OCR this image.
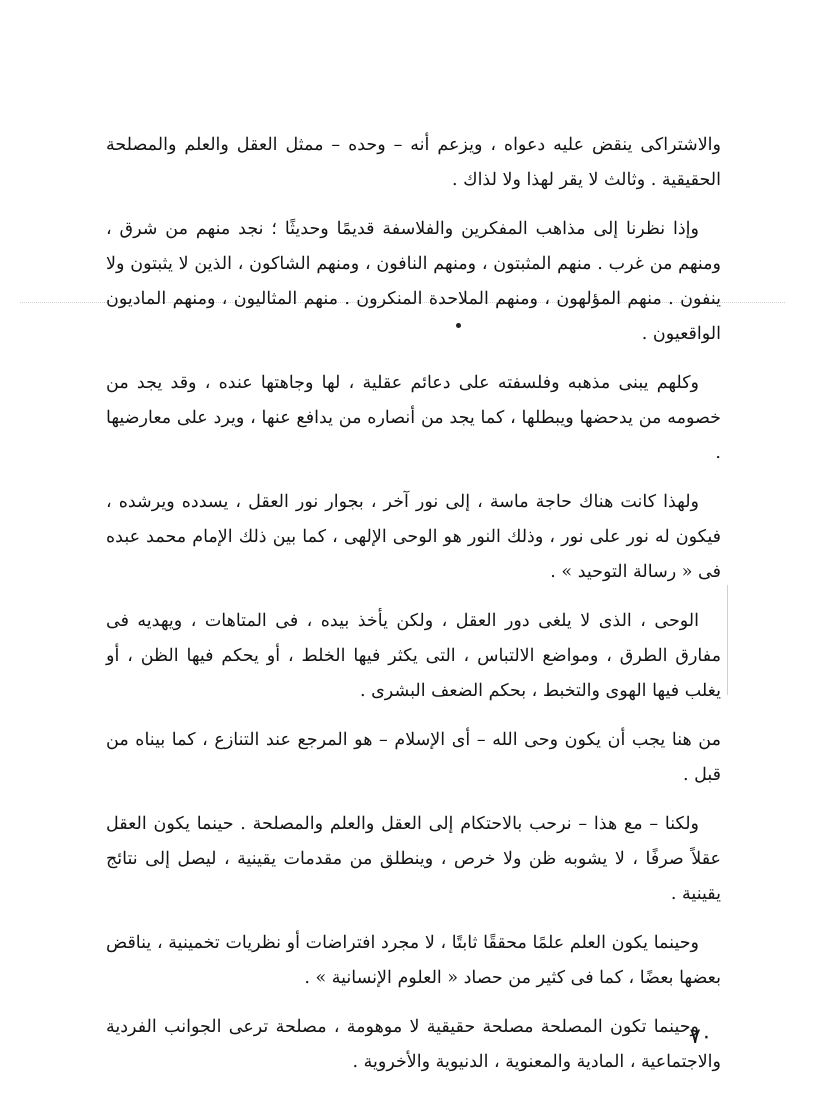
والاشتراكى ينقض عليه دعواه ، ويزعم أنه – وحده – ممثل العقل والعلم والمصلحة الحقيقية . وثالث لا يقر لهذا ولا لذاك .

وإذا نظرنا إلى مذاهب المفكرين والفلاسفة قديمًا وحديثًا ؛ نجد منهم من شرق ، ومنهم من غرب . منهم المثبتون ، ومنهم النافون ، ومنهم الشاكون ، الذين لا يثبتون ولا ينفون . منهم المؤلهون ، ومنهم الملاحدة المنكرون . منهم المثاليون ، ومنهم الماديون الواقعيون .

وكلهم يبنى مذهبه وفلسفته على دعائم عقلية ، لها وجاهتها عنده ، وقد يجد من خصومه من يدحضها ويبطلها ، كما يجد من أنصاره من يدافع عنها ، ويرد على معارضيها .

ولهذا كانت هناك حاجة ماسة ، إلى نور آخر ، بجوار نور العقل ، يسدده ويرشده ، فيكون له نور على نور ، وذلك النور هو الوحى الإلهى ، كما بين ذلك الإمام محمد عبده فى « رسالة التوحيد » .

الوحى ، الذى لا يلغى دور العقل ، ولكن يأخذ بيده ، فى المتاهات ، ويهديه فى مفارق الطرق ، ومواضع الالتباس ، التى يكثر فيها الخلط ، أو يحكم فيها الظن ، أو يغلب فيها الهوى والتخبط ، بحكم الضعف البشرى .

من هنا يجب أن يكون وحى الله – أى الإسلام – هو المرجع عند التنازع ، كما بيناه من قبل .

ولكنا – مع هذا – نرحب بالاحتكام إلى العقل والعلم والمصلحة . حينما يكون العقل عقلاً صرفًا ، لا يشوبه ظن ولا خرص ، وينطلق من مقدمات يقينية ، ليصل إلى نتائج يقينية .

وحينما يكون العلم علمًا محققًا ثابتًا ، لا مجرد افتراضات أو نظريات تخمينية ، يناقض بعضها بعضًا ، كما فى كثير من حصاد « العلوم الإنسانية » .

وحينما تكون المصلحة مصلحة حقيقية لا موهومة ، مصلحة ترعى الجوانب الفردية والاجتماعية ، المادية والمعنوية ، الدنيوية والأخروية .

٧٠
